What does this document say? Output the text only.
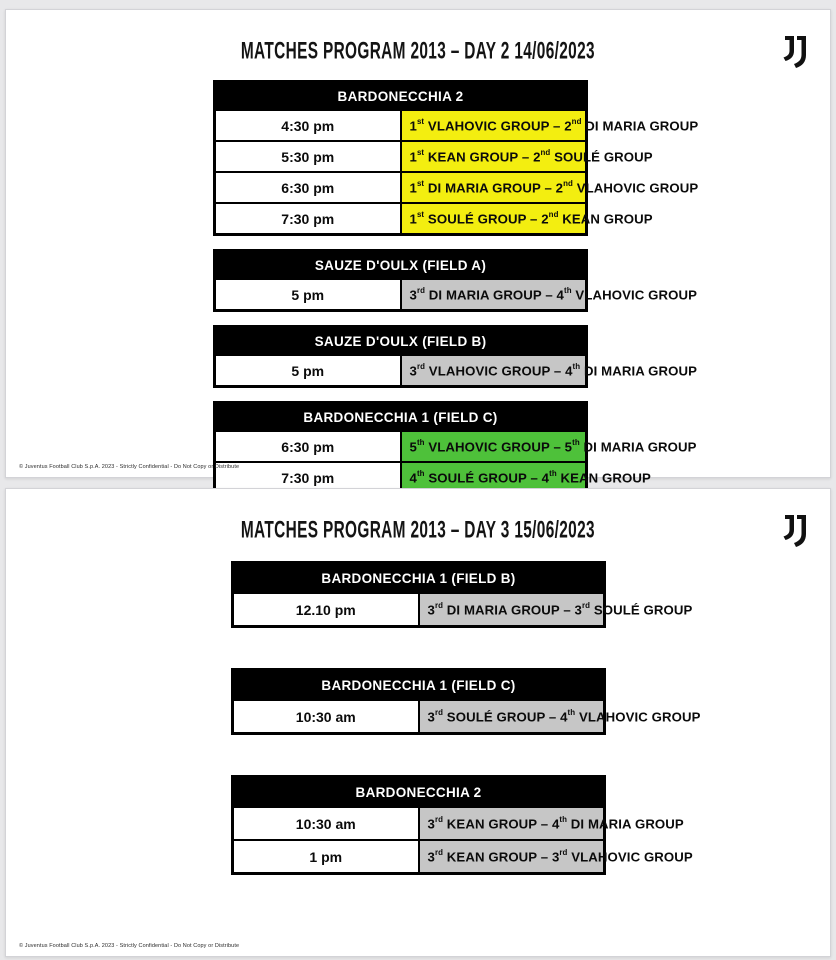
MATCHES PROGRAM 2013 – DAY 2 14/06/2023
BARDONECCHIA 2	
4:30 pm	1st VLAHOVIC GROUP – 2nd DI MARIA GROUP
5:30 pm	1st KEAN GROUP – 2nd SOULÉ GROUP
6:30 pm	1st DI MARIA GROUP – 2nd VLAHOVIC GROUP
7:30 pm	1st SOULÉ GROUP – 2nd KEAN GROUP
SAUZE D'OULX (FIELD A)
5 pm	3rd DI MARIA GROUP – 4th VLAHOVIC GROUP
SAUZE D'OULX (FIELD B)
5 pm	3rd VLAHOVIC GROUP – 4th DI MARIA GROUP
BARDONECCHIA 1 (FIELD C)	
6:30 pm	5th VLAHOVIC GROUP – 5th DI MARIA GROUP
7:30 pm	4th SOULÉ GROUP – 4th KEAN GROUP
© Juventus Football Club S.p.A. 2023 - Strictly Confidential - Do Not Copy or Distribute
MATCHES PROGRAM 2013 – DAY 3 15/06/2023
BARDONECCHIA 1 (FIELD B)
12.10 pm	3rd DI MARIA GROUP – 3rd SOULÉ GROUP
BARDONECCHIA 1 (FIELD C)
10:30 am	3rd SOULÉ GROUP – 4th VLAHOVIC GROUP
BARDONECCHIA 2	
10:30 am	3rd KEAN GROUP – 4th DI MARIA GROUP
1 pm	3rd KEAN GROUP – 3rd VLAHOVIC GROUP
© Juventus Football Club S.p.A. 2023 - Strictly Confidential - Do Not Copy or Distribute
